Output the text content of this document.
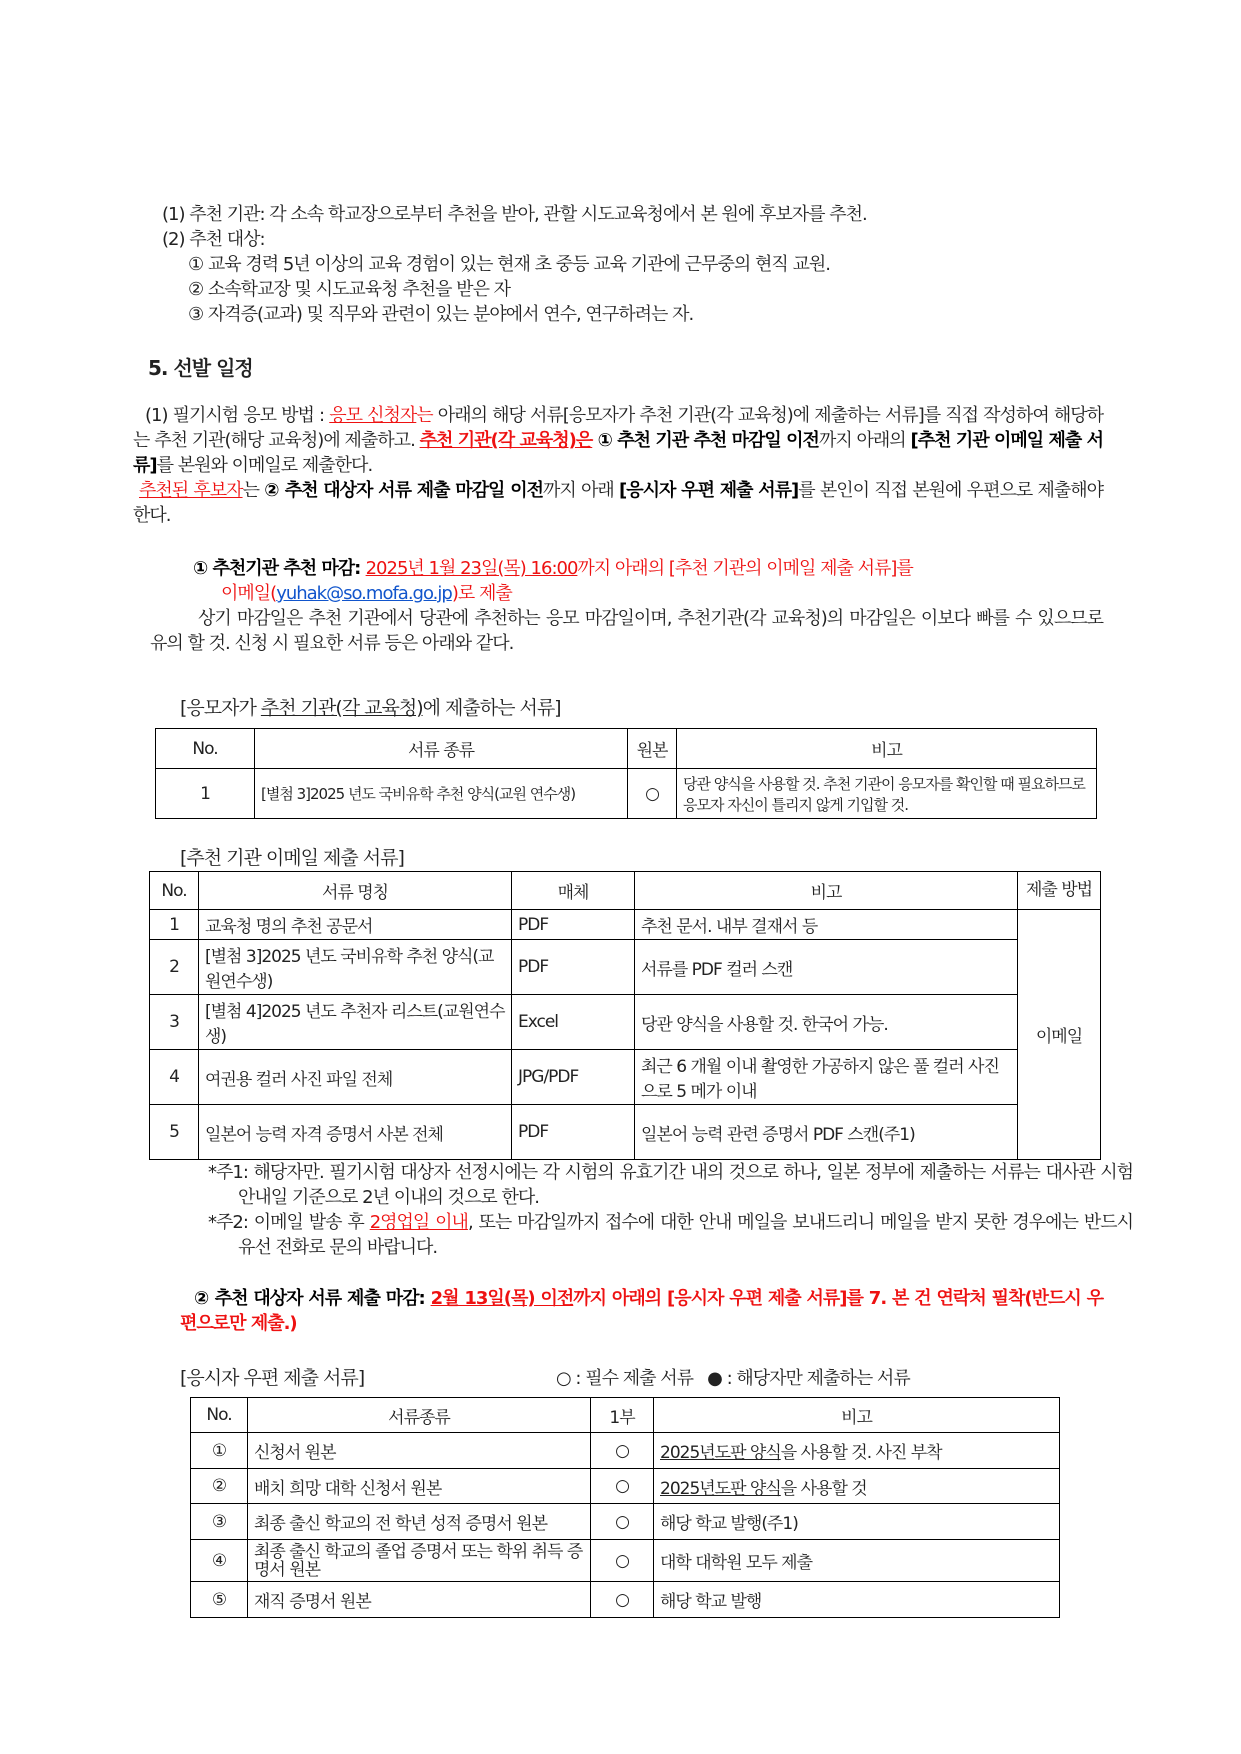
(1) 추천 기관: 각 소속 학교장으로부터 추천을 받아, 관할 시도교육청에서 본 원에 후보자를 추천.
(2) 추천 대상:
① 교육 경력 5년 이상의 교육 경험이 있는 현재 초 중등 교육 기관에 근무중의 현직 교원.
② 소속학교장 및 시도교육청 추천을 받은 자
③ 자격증(교과) 및 직무와 관련이 있는 분야에서 연수, 연구하려는 자.
5. 선발 일정
(1) 필기시험 응모 방법 : 응모 신청자는 아래의 해당 서류[응모자가 추천 기관(각 교육청)에 제출하는 서류]를 직접 작성하여 해당하는 추천 기관(해당 교육청)에 제출하고. 추천 기관(각 교육청)은 ① 추천 기관 추천 마감일 이전까지 아래의 [추천 기관 이메일 제출 서류]를 본원와 이메일로 제출한다.
추천된 후보자는 ② 추천 대상자 서류 제출 마감일 이전까지 아래 [응시자 우편 제출 서류]를 본인이 직접 본원에 우편으로 제출해야 한다.
① 추천기관 추천 마감: 2025년 1월 23일(목) 16:00까지 아래의 [추천 기관의 이메일 제출 서류]를
이메일(yuhak@so.mofa.go.jp)로 제출
상기 마감일은 추천 기관에서 당관에 추천하는 응모 마감일이며, 추천기관(각 교육청)의 마감일은 이보다 빠를 수 있으므로 유의 할 것. 신청 시 필요한 서류 등은 아래와 같다.
[응모자가 추천 기관(각 교육청)에 제출하는 서류]
No.	서류 종류	원본	비고
1	[별첨 3]2025 년도 국비유학 추천 양식(교원 연수생)	○	당관 양식을 사용할 것. 추천 기관이 응모자를 확인할 때 필요하므로 응모자 자신이 틀리지 않게 기입할 것.
[추천 기관 이메일 제출 서류]
No.	서류 명칭	매체	비고	제출 방법
1	교육청 명의 추천 공문서	PDF	추천 문서. 내부 결재서 등	이메일
2	[별첨 3]2025 년도 국비유학 추천 양식(교원연수생)	PDF	서류를 PDF 컬러 스캔	
3	[별첨 4]2025 년도 추천자 리스트(교원연수생)	Excel	당관 양식을 사용할 것. 한국어 가능.	
4	여권용 컬러 사진 파일 전체	JPG/PDF	최근 6 개월 이내 촬영한 가공하지 않은 풀 컬러 사진으로 5 메가 이내	
5	일본어 능력 자격 증명서 사본 전체	PDF	일본어 능력 관련 증명서 PDF 스캔(주1)	
*주1: 해당자만. 필기시험 대상자 선정시에는 각 시험의 유효기간 내의 것으로 하나, 일본 정부에 제출하는 서류는 대사관 시험 안내일 기준으로 2년 이내의 것으로 한다.
*주2: 이메일 발송 후 2영업일 이내, 또는 마감일까지 접수에 대한 안내 메일을 보내드리니 메일을 받지 못한 경우에는 반드시 유선 전화로 문의 바랍니다.
② 추천 대상자 서류 제출 마감: 2월 13일(목) 이전까지 아래의 [응시자 우편 제출 서류]를 7. 본 건 연락처 필착(반드시 우편으로만 제출.)
[응시자 우편 제출 서류]	○ : 필수 제출 서류 ● : 해당자만 제출하는 서류
No.	서류종류	1부	비고
①	신청서 원본	○	2025년도판 양식을 사용할 것. 사진 부착
②	배치 희망 대학 신청서 원본	○	2025년도판 양식을 사용할 것
③	최종 출신 학교의 전 학년 성적 증명서 원본	○	해당 학교 발행(주1)
④	최종 출신 학교의 졸업 증명서 또는 학위 취득 증명서 원본	○	대학 대학원 모두 제출
⑤	재직 증명서 원본	○	해당 학교 발행
